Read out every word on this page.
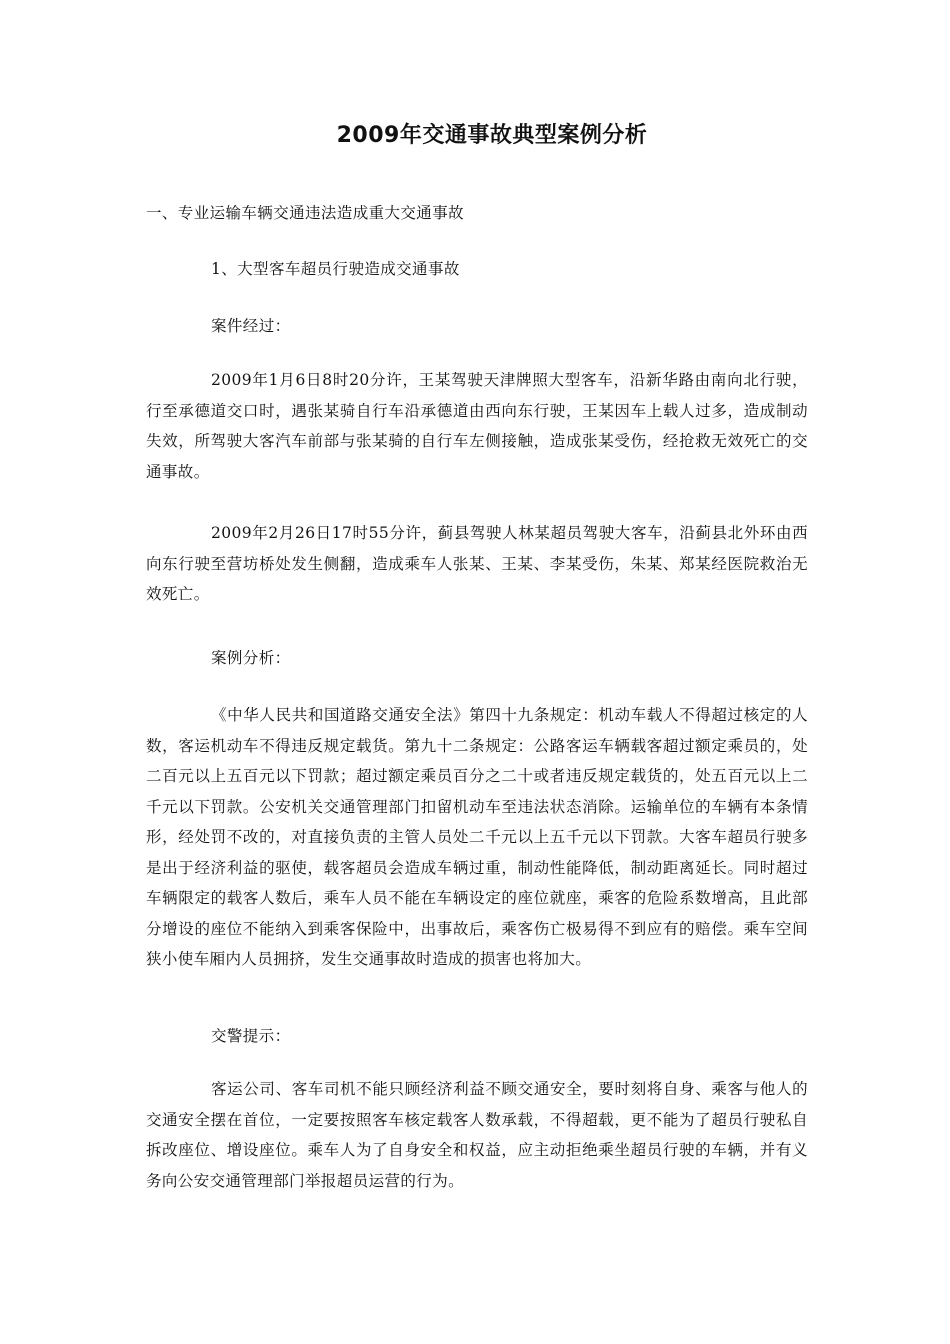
2009年交通事故典型案例分析

一、专业运输车辆交通违法造成重大交通事故

1、大型客车超员行驶造成交通事故

案件经过：

2009年1月6日8时20分许，王某驾驶天津牌照大型客车，沿新华路由南向北行驶，行至承德道交口时，遇张某骑自行车沿承德道由西向东行驶，王某因车上载人过多，造成制动失效，所驾驶大客汽车前部与张某骑的自行车左侧接触，造成张某受伤，经抢救无效死亡的交通事故。

2009年2月26日17时55分许，蓟县驾驶人林某超员驾驶大客车，沿蓟县北外环由西向东行驶至营坊桥处发生侧翻，造成乘车人张某、王某、李某受伤，朱某、郑某经医院救治无效死亡。

案例分析：

《中华人民共和国道路交通安全法》第四十九条规定：机动车载人不得超过核定的人数，客运机动车不得违反规定载货。第九十二条规定：公路客运车辆载客超过额定乘员的，处二百元以上五百元以下罚款；超过额定乘员百分之二十或者违反规定载货的，处五百元以上二千元以下罚款。公安机关交通管理部门扣留机动车至违法状态消除。运输单位的车辆有本条情形，经处罚不改的，对直接负责的主管人员处二千元以上五千元以下罚款。大客车超员行驶多是出于经济利益的驱使，载客超员会造成车辆过重，制动性能降低，制动距离延长。同时超过车辆限定的载客人数后，乘车人员不能在车辆设定的座位就座，乘客的危险系数增高，且此部分增设的座位不能纳入到乘客保险中，出事故后，乘客伤亡极易得不到应有的赔偿。乘车空间狭小使车厢内人员拥挤，发生交通事故时造成的损害也将加大。

交警提示：

客运公司、客车司机不能只顾经济利益不顾交通安全，要时刻将自身、乘客与他人的交通安全摆在首位，一定要按照客车核定载客人数承载，不得超载，更不能为了超员行驶私自拆改座位、增设座位。乘车人为了自身安全和权益，应主动拒绝乘坐超员行驶的车辆，并有义务向公安交通管理部门举报超员运营的行为。
